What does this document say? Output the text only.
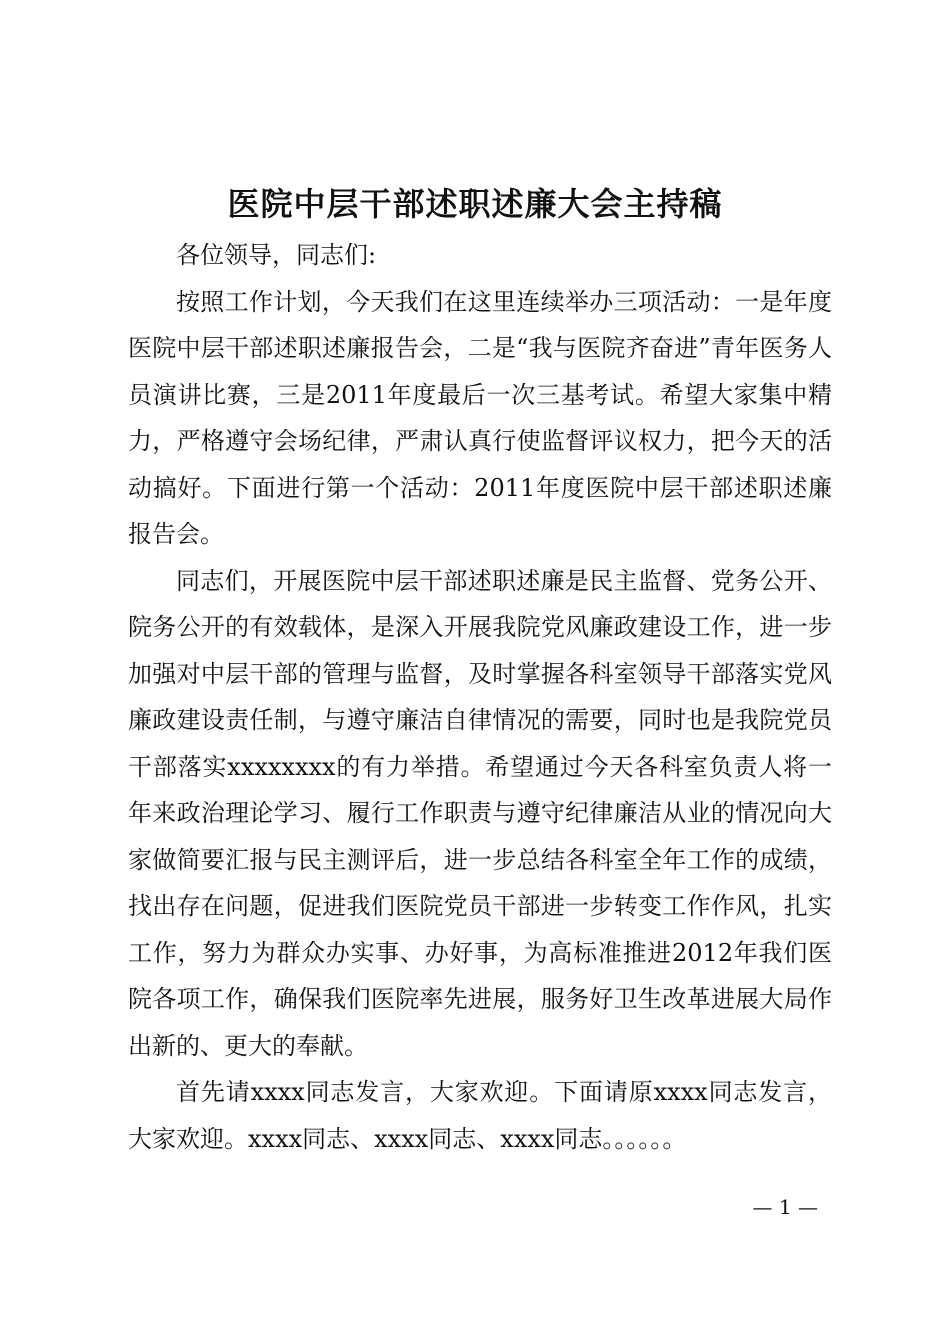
医院中层干部述职述廉大会主持稿

各位领导，同志们:

按照工作计划，今天我们在这里连续举办三项活动：一是年度医院中层干部述职述廉报告会，二是“我与医院齐奋进”青年医务人员演讲比赛，三是2011年度最后一次三基考试。希望大家集中精力，严格遵守会场纪律，严肃认真行使监督评议权力，把今天的活动搞好。下面进行第一个活动：2011年度医院中层干部述职述廉报告会。

同志们，开展医院中层干部述职述廉是民主监督、党务公开、院务公开的有效载体，是深入开展我院党风廉政建设工作，进一步加强对中层干部的管理与监督，及时掌握各科室领导干部落实党风廉政建设责任制，与遵守廉洁自律情况的需要，同时也是我院党员干部落实xxxxxxxx的有力举措。希望通过今天各科室负责人将一年来政治理论学习、履行工作职责与遵守纪律廉洁从业的情况向大家做简要汇报与民主测评后，进一步总结各科室全年工作的成绩，找出存在问题，促进我们医院党员干部进一步转变工作作风，扎实工作，努力为群众办实事、办好事，为高标准推进2012年我们医院各项工作，确保我们医院率先进展，服务好卫生改革进展大局作出新的、更大的奉献。

首先请xxxx同志发言，大家欢迎。下面请原xxxx同志发言，大家欢迎。xxxx同志、xxxx同志、xxxx同志。。。。。。

— 1 —
